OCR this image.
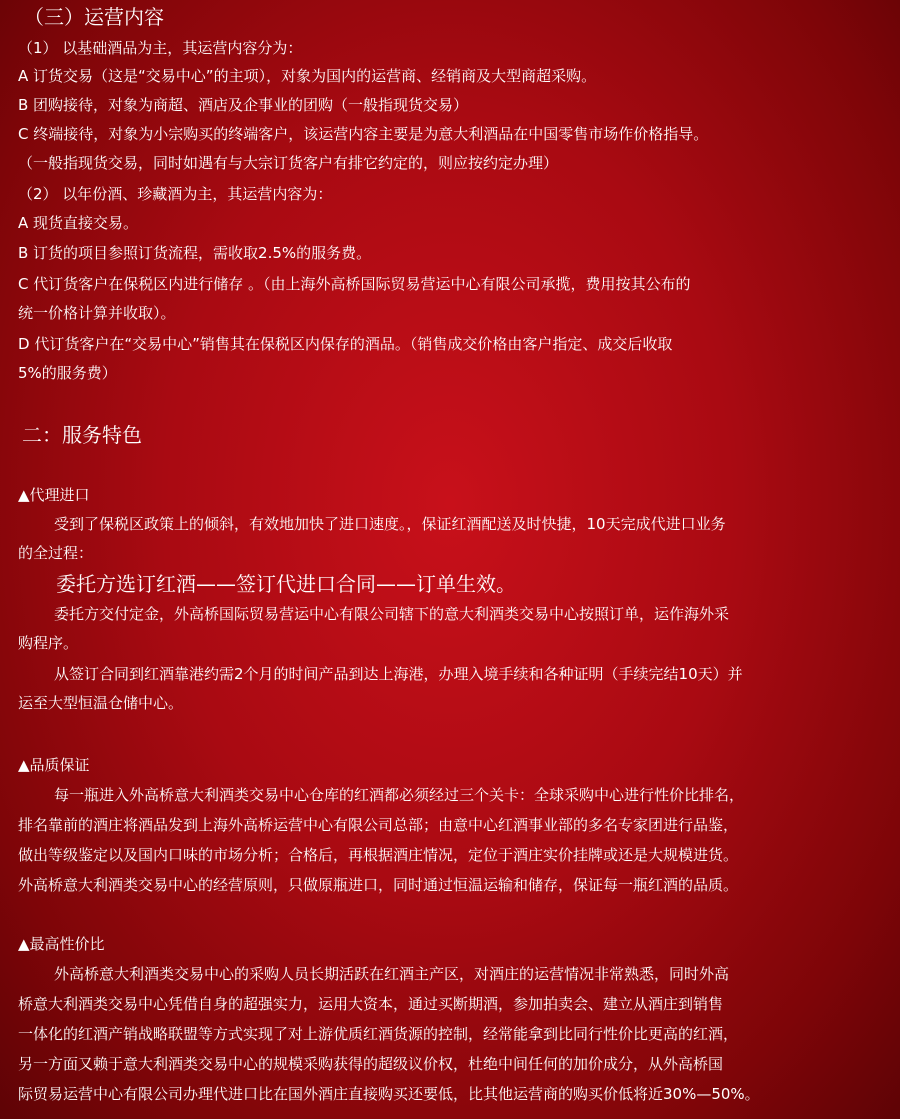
（三）运营内容
（1） 以基础酒品为主，其运营内容分为：
A 订货交易（这是“交易中心”的主项），对象为国内的运营商、经销商及大型商超采购。
B 团购接待，对象为商超、酒店及企事业的团购（一般指现货交易）
C 终端接待，对象为小宗购买的终端客户，该运营内容主要是为意大利酒品在中国零售市场作价格指导。
（一般指现货交易，同时如遇有与大宗订货客户有排它约定的，则应按约定办理）
（2） 以年份酒、珍藏酒为主，其运营内容为：
A 现货直接交易。
B 订货的项目参照订货流程，需收取2.5%的服务费。
C 代订货客户在保税区内进行储存 。（由上海外高桥国际贸易营运中心有限公司承揽，费用按其公布的
统一价格计算并收取）。
D 代订货客户在“交易中心”销售其在保税区内保存的酒品。（销售成交价格由客户指定、成交后收取
5%的服务费）
二：服务特色
▲代理进口
受到了保税区政策上的倾斜，有效地加快了进口速度。，保证红酒配送及时快捷，10天完成代进口业务
的全过程：
委托方选订红酒——签订代进口合同——订单生效。
委托方交付定金，外高桥国际贸易营运中心有限公司辖下的意大利酒类交易中心按照订单，运作海外采
购程序。
从签订合同到红酒靠港约需2个月的时间产品到达上海港，办理入境手续和各种证明（手续完结10天）并
运至大型恒温仓储中心。
▲品质保证
每一瓶进入外高桥意大利酒类交易中心仓库的红酒都必须经过三个关卡：全球采购中心进行性价比排名，
排名靠前的酒庄将酒品发到上海外高桥运营中心有限公司总部；由意中心红酒事业部的多名专家团进行品鉴，
做出等级鉴定以及国内口味的市场分析；合格后，再根据酒庄情况，定位于酒庄实价挂牌或还是大规模进货。
外高桥意大利酒类交易中心的经营原则，只做原瓶进口，同时通过恒温运输和储存，保证每一瓶红酒的品质。
▲最高性价比
外高桥意大利酒类交易中心的采购人员长期活跃在红酒主产区，对酒庄的运营情况非常熟悉，同时外高
桥意大利酒类交易中心凭借自身的超强实力，运用大资本，通过买断期酒，参加拍卖会、建立从酒庄到销售
一体化的红酒产销战略联盟等方式实现了对上游优质红酒货源的控制，经常能拿到比同行性价比更高的红酒，
另一方面又赖于意大利酒类交易中心的规模采购获得的超级议价权，杜绝中间任何的加价成分，从外高桥国
际贸易运营中心有限公司办理代进口比在国外酒庄直接购买还要低，比其他运营商的购买价低将近30%—50%。
